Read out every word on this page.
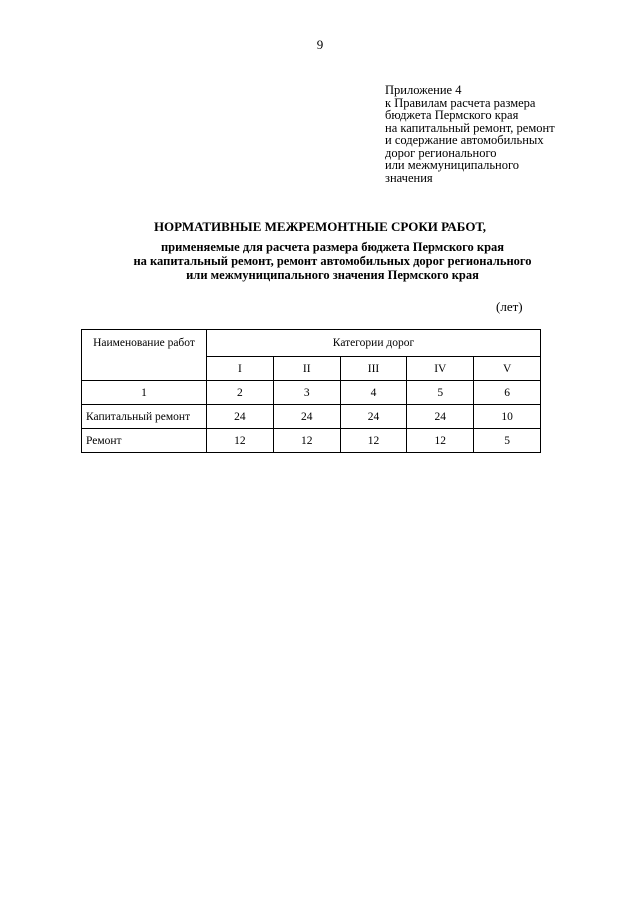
9
Приложение 4
к Правилам расчета размера
бюджета Пермского края
на капитальный ремонт, ремонт
и содержание автомобильных
дорог регионального
или межмуниципального
значения
НОРМАТИВНЫЕ МЕЖРЕМОНТНЫЕ СРОКИ РАБОТ,
применяемые для расчета размера бюджета Пермского края
на капитальный ремонт, ремонт автомобильных дорог регионального
или межмуниципального значения Пермского края
(лет)
Наименование работ	Категории дорог				
	I	II	III	IV	V
1	2	3	4	5	6
Капитальный ремонт	24	24	24	24	10
Ремонт	12	12	12	12	5
